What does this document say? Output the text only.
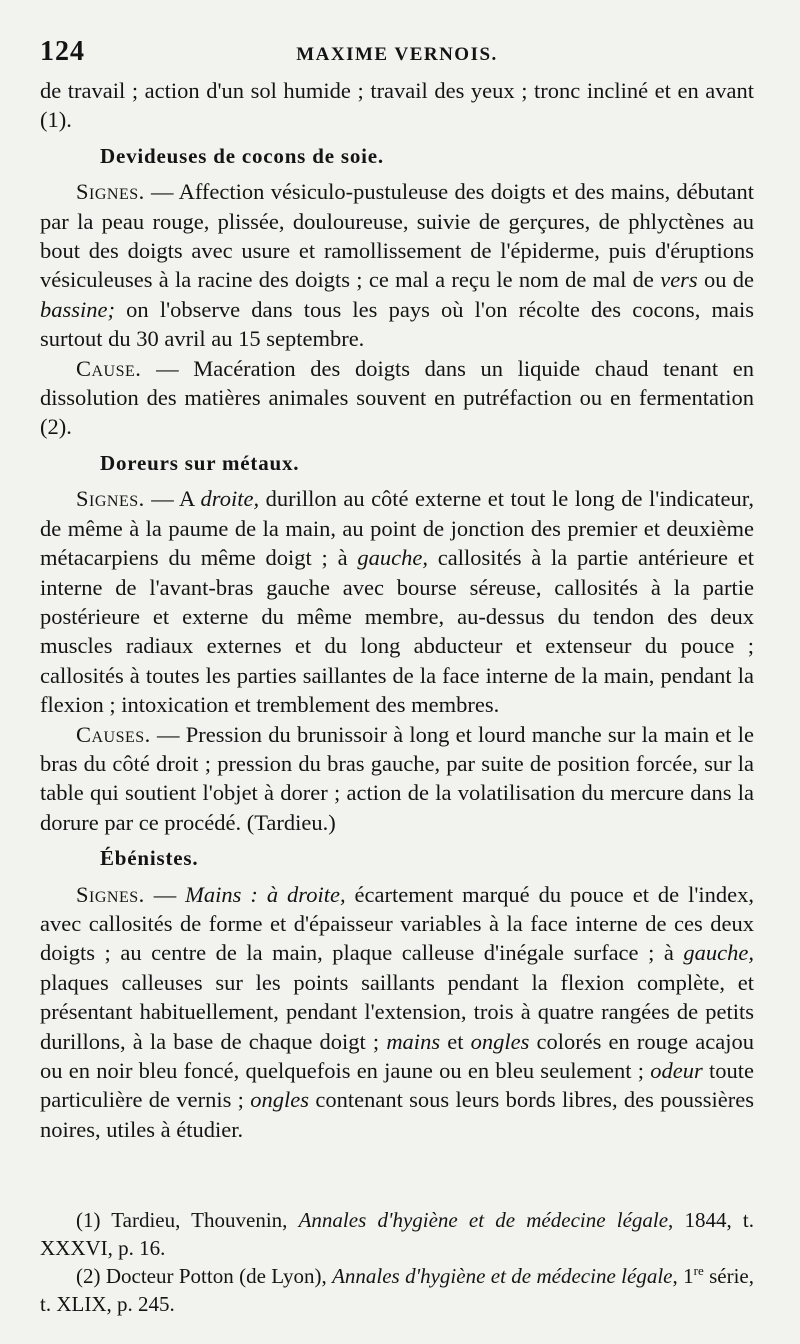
124	MAXIME VERNOIS.

de travail ; action d'un sol humide ; travail des yeux ; tronc incliné et en avant (1).

Devideuses de cocons de soie.

Signes. — Affection vésiculo-pustuleuse des doigts et des mains, débutant par la peau rouge, plissée, douloureuse, suivie de gerçures, de phlyctènes au bout des doigts avec usure et ramollissement de l'épiderme, puis d'éruptions vésiculeuses à la racine des doigts ; ce mal a reçu le nom de mal de vers ou de bassine; on l'observe dans tous les pays où l'on récolte des cocons, mais surtout du 30 avril au 15 septembre.

Cause. — Macération des doigts dans un liquide chaud tenant en dissolution des matières animales souvent en putréfaction ou en fermentation (2).

Doreurs sur métaux.

Signes. — A droite, durillon au côté externe et tout le long de l'indicateur, de même à la paume de la main, au point de jonction des premier et deuxième métacarpiens du même doigt ; à gauche, callosités à la partie antérieure et interne de l'avant-bras gauche avec bourse séreuse, callosités à la partie postérieure et externe du même membre, au-dessus du tendon des deux muscles radiaux externes et du long abducteur et extenseur du pouce ; callosités à toutes les parties saillantes de la face interne de la main, pendant la flexion ; intoxication et tremblement des membres.

Causes. — Pression du brunissoir à long et lourd manche sur la main et le bras du côté droit ; pression du bras gauche, par suite de position forcée, sur la table qui soutient l'objet à dorer ; action de la volatilisation du mercure dans la dorure par ce procédé. (Tardieu.)

Ébénistes.

Signes. — Mains : à droite, écartement marqué du pouce et de l'index, avec callosités de forme et d'épaisseur variables à la face interne de ces deux doigts ; au centre de la main, plaque calleuse d'inégale surface ; à gauche, plaques calleuses sur les points saillants pendant la flexion complète, et présentant habituellement, pendant l'extension, trois à quatre rangées de petits durillons, à la base de chaque doigt ; mains et ongles colorés en rouge acajou ou en noir bleu foncé, quelquefois en jaune ou en bleu seulement ; odeur toute particulière de vernis ; ongles contenant sous leurs bords libres, des poussières noires, utiles à étudier.

(1) Tardieu, Thouvenin, Annales d'hygiène et de médecine légale, 1844, t. XXXVI, p. 16.

(2) Docteur Potton (de Lyon), Annales d'hygiène et de médecine légale, 1re série, t. XLIX, p. 245.
